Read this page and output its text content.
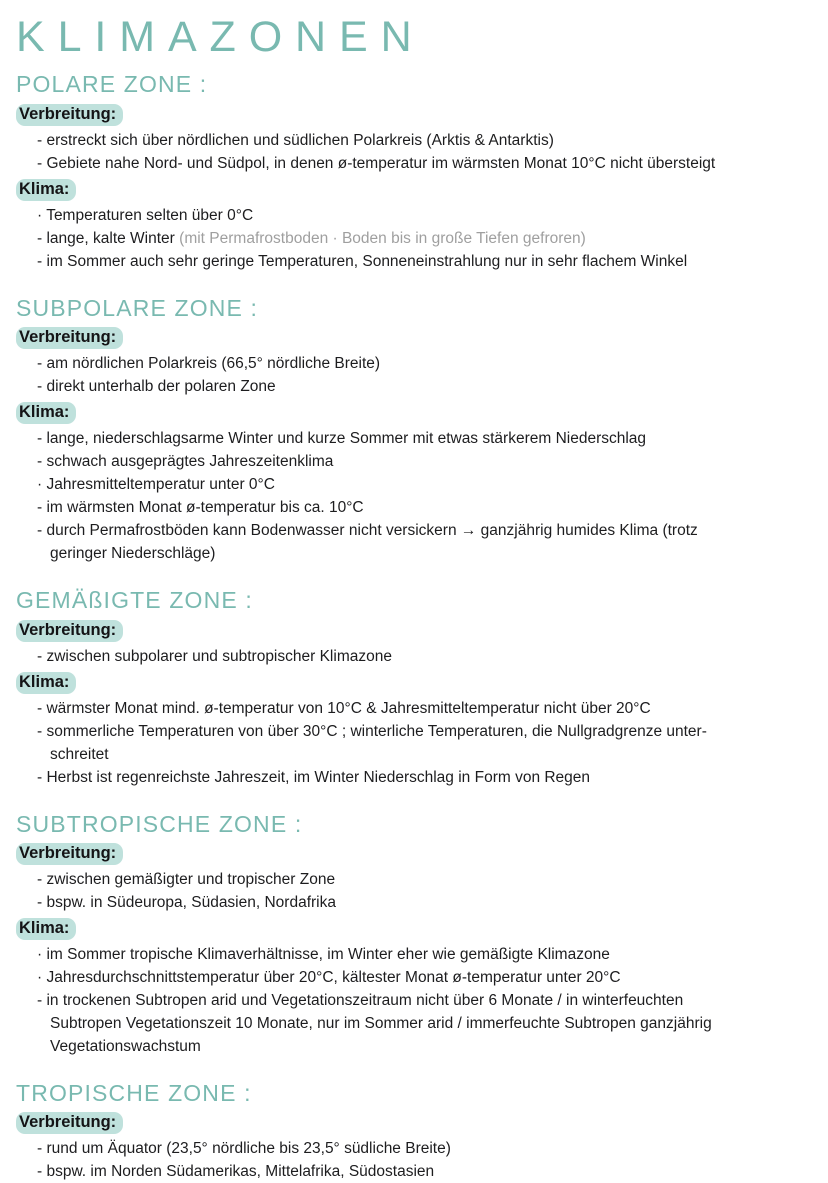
KLIMAZONEN
POLARE ZONE :
Verbreitung:
- erstreckt sich über nördlichen und südlichen Polarkreis (Arktis & Antarktis)
- Gebiete nahe Nord- und Südpol, in denen ø-temperatur im wärmsten Monat 10°C nicht übersteigt
Klima:
· Temperaturen selten über 0°C
- lange, kalte Winter (mit Permafrostboden · Boden bis in große Tiefen gefroren)
- im Sommer auch sehr geringe Temperaturen, Sonneneinstrahlung nur in sehr flachem Winkel
SUBPOLARE ZONE :
Verbreitung:
- am nördlichen Polarkreis (66,5° nördliche Breite)
- direkt unterhalb der polaren Zone
Klima:
- lange, niederschlagsarme Winter und kurze Sommer mit etwas stärkerem Niederschlag
- schwach ausgeprägtes Jahreszeitenklima
· Jahresmitteltemperatur unter 0°C
- im wärmsten Monat ø-temperatur bis ca. 10°C
- durch Permafrostböden kann Bodenwasser nicht versickern → ganzjährig humides Klima (trotz
geringer Niederschläge)
GEMÄßIGTE ZONE :
Verbreitung:
- zwischen subpolarer und subtropischer Klimazone
Klima:
- wärmster Monat mind. ø-temperatur von 10°C & Jahresmitteltemperatur nicht über 20°C
- sommerliche Temperaturen von über 30°C ; winterliche Temperaturen, die Nullgradgrenze unter-
schreitet
- Herbst ist regenreichste Jahreszeit, im Winter Niederschlag in Form von Regen
SUBTROPISCHE ZONE :
Verbreitung:
- zwischen gemäßigter und tropischer Zone
- bspw. in Südeuropa, Südasien, Nordafrika
Klima:
· im Sommer tropische Klimaverhältnisse, im Winter eher wie gemäßigte Klimazone
· Jahresdurchschnittstemperatur über 20°C, kältester Monat ø-temperatur unter 20°C
- in trockenen Subtropen arid und Vegetationszeitraum nicht über 6 Monate / in winterfeuchten
Subtropen Vegetationszeit 10 Monate, nur im Sommer arid / immerfeuchte Subtropen ganzjährig
Vegetationswachstum
TROPISCHE ZONE :
Verbreitung:
- rund um Äquator (23,5° nördliche bis 23,5° südliche Breite)
- bspw. im Norden Südamerikas, Mittelafrika, Südostasien
